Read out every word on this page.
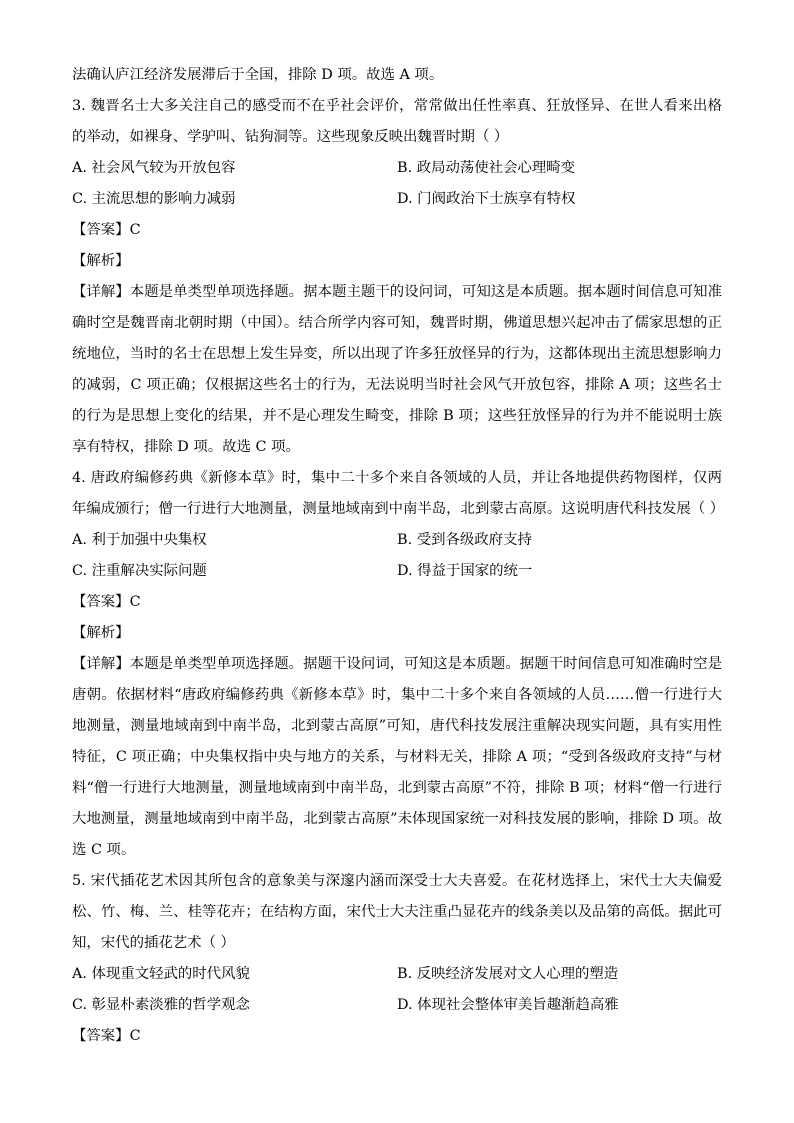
法确认庐江经济发展滞后于全国，排除 D 项。故选 A 项。

3. 魏晋名士大多关注自己的感受而不在乎社会评价，常常做出任性率真、狂放怪异、在世人看来出格的举动，如裸身、学驴叫、钻狗洞等。这些现象反映出魏晋时期（ ）

A. 社会风气较为开放包容	B. 政局动荡使社会心理畸变
C. 主流思想的影响力减弱	D. 门阀政治下士族享有特权

【答案】C

【解析】

【详解】本题是单类型单项选择题。据本题主题干的设问词，可知这是本质题。据本题时间信息可知准确时空是魏晋南北朝时期（中国）。结合所学内容可知，魏晋时期，佛道思想兴起冲击了儒家思想的正统地位，当时的名士在思想上发生异变，所以出现了许多狂放怪异的行为，这都体现出主流思想影响力的减弱，C 项正确；仅根据这些名士的行为，无法说明当时社会风气开放包容，排除 A 项；这些名士的行为是思想上变化的结果，并不是心理发生畸变，排除 B 项；这些狂放怪异的行为并不能说明士族享有特权，排除 D 项。故选 C 项。

4. 唐政府编修药典《新修本草》时，集中二十多个来自各领域的人员，并让各地提供药物图样，仅两年编成颁行；僧一行进行大地测量，测量地域南到中南半岛，北到蒙古高原。这说明唐代科技发展（ ）

A. 利于加强中央集权	B. 受到各级政府支持
C. 注重解决实际问题	D. 得益于国家的统一

【答案】C

【解析】

【详解】本题是单类型单项选择题。据题干设问词，可知这是本质题。据题干时间信息可知准确时空是唐朝。依据材料“唐政府编修药典《新修本草》时，集中二十多个来自各领域的人员……僧一行进行大地测量，测量地域南到中南半岛，北到蒙古高原”可知，唐代科技发展注重解决现实问题，具有实用性特征，C 项正确；中央集权指中央与地方的关系，与材料无关，排除 A 项；“受到各级政府支持”与材料“僧一行进行大地测量，测量地域南到中南半岛，北到蒙古高原”不符，排除 B 项；材料“僧一行进行大地测量，测量地域南到中南半岛，北到蒙古高原”未体现国家统一对科技发展的影响，排除 D 项。故选 C 项。

5. 宋代插花艺术因其所包含的意象美与深邃内涵而深受士大夫喜爱。在花材选择上，宋代士大夫偏爱松、竹、梅、兰、桂等花卉；在结构方面，宋代士大夫注重凸显花卉的线条美以及品第的高低。据此可知，宋代的插花艺术（ ）

A. 体现重文轻武的时代风貌	B. 反映经济发展对文人心理的塑造
C. 彰显朴素淡雅的哲学观念	D. 体现社会整体审美旨趣渐趋高雅

【答案】C
